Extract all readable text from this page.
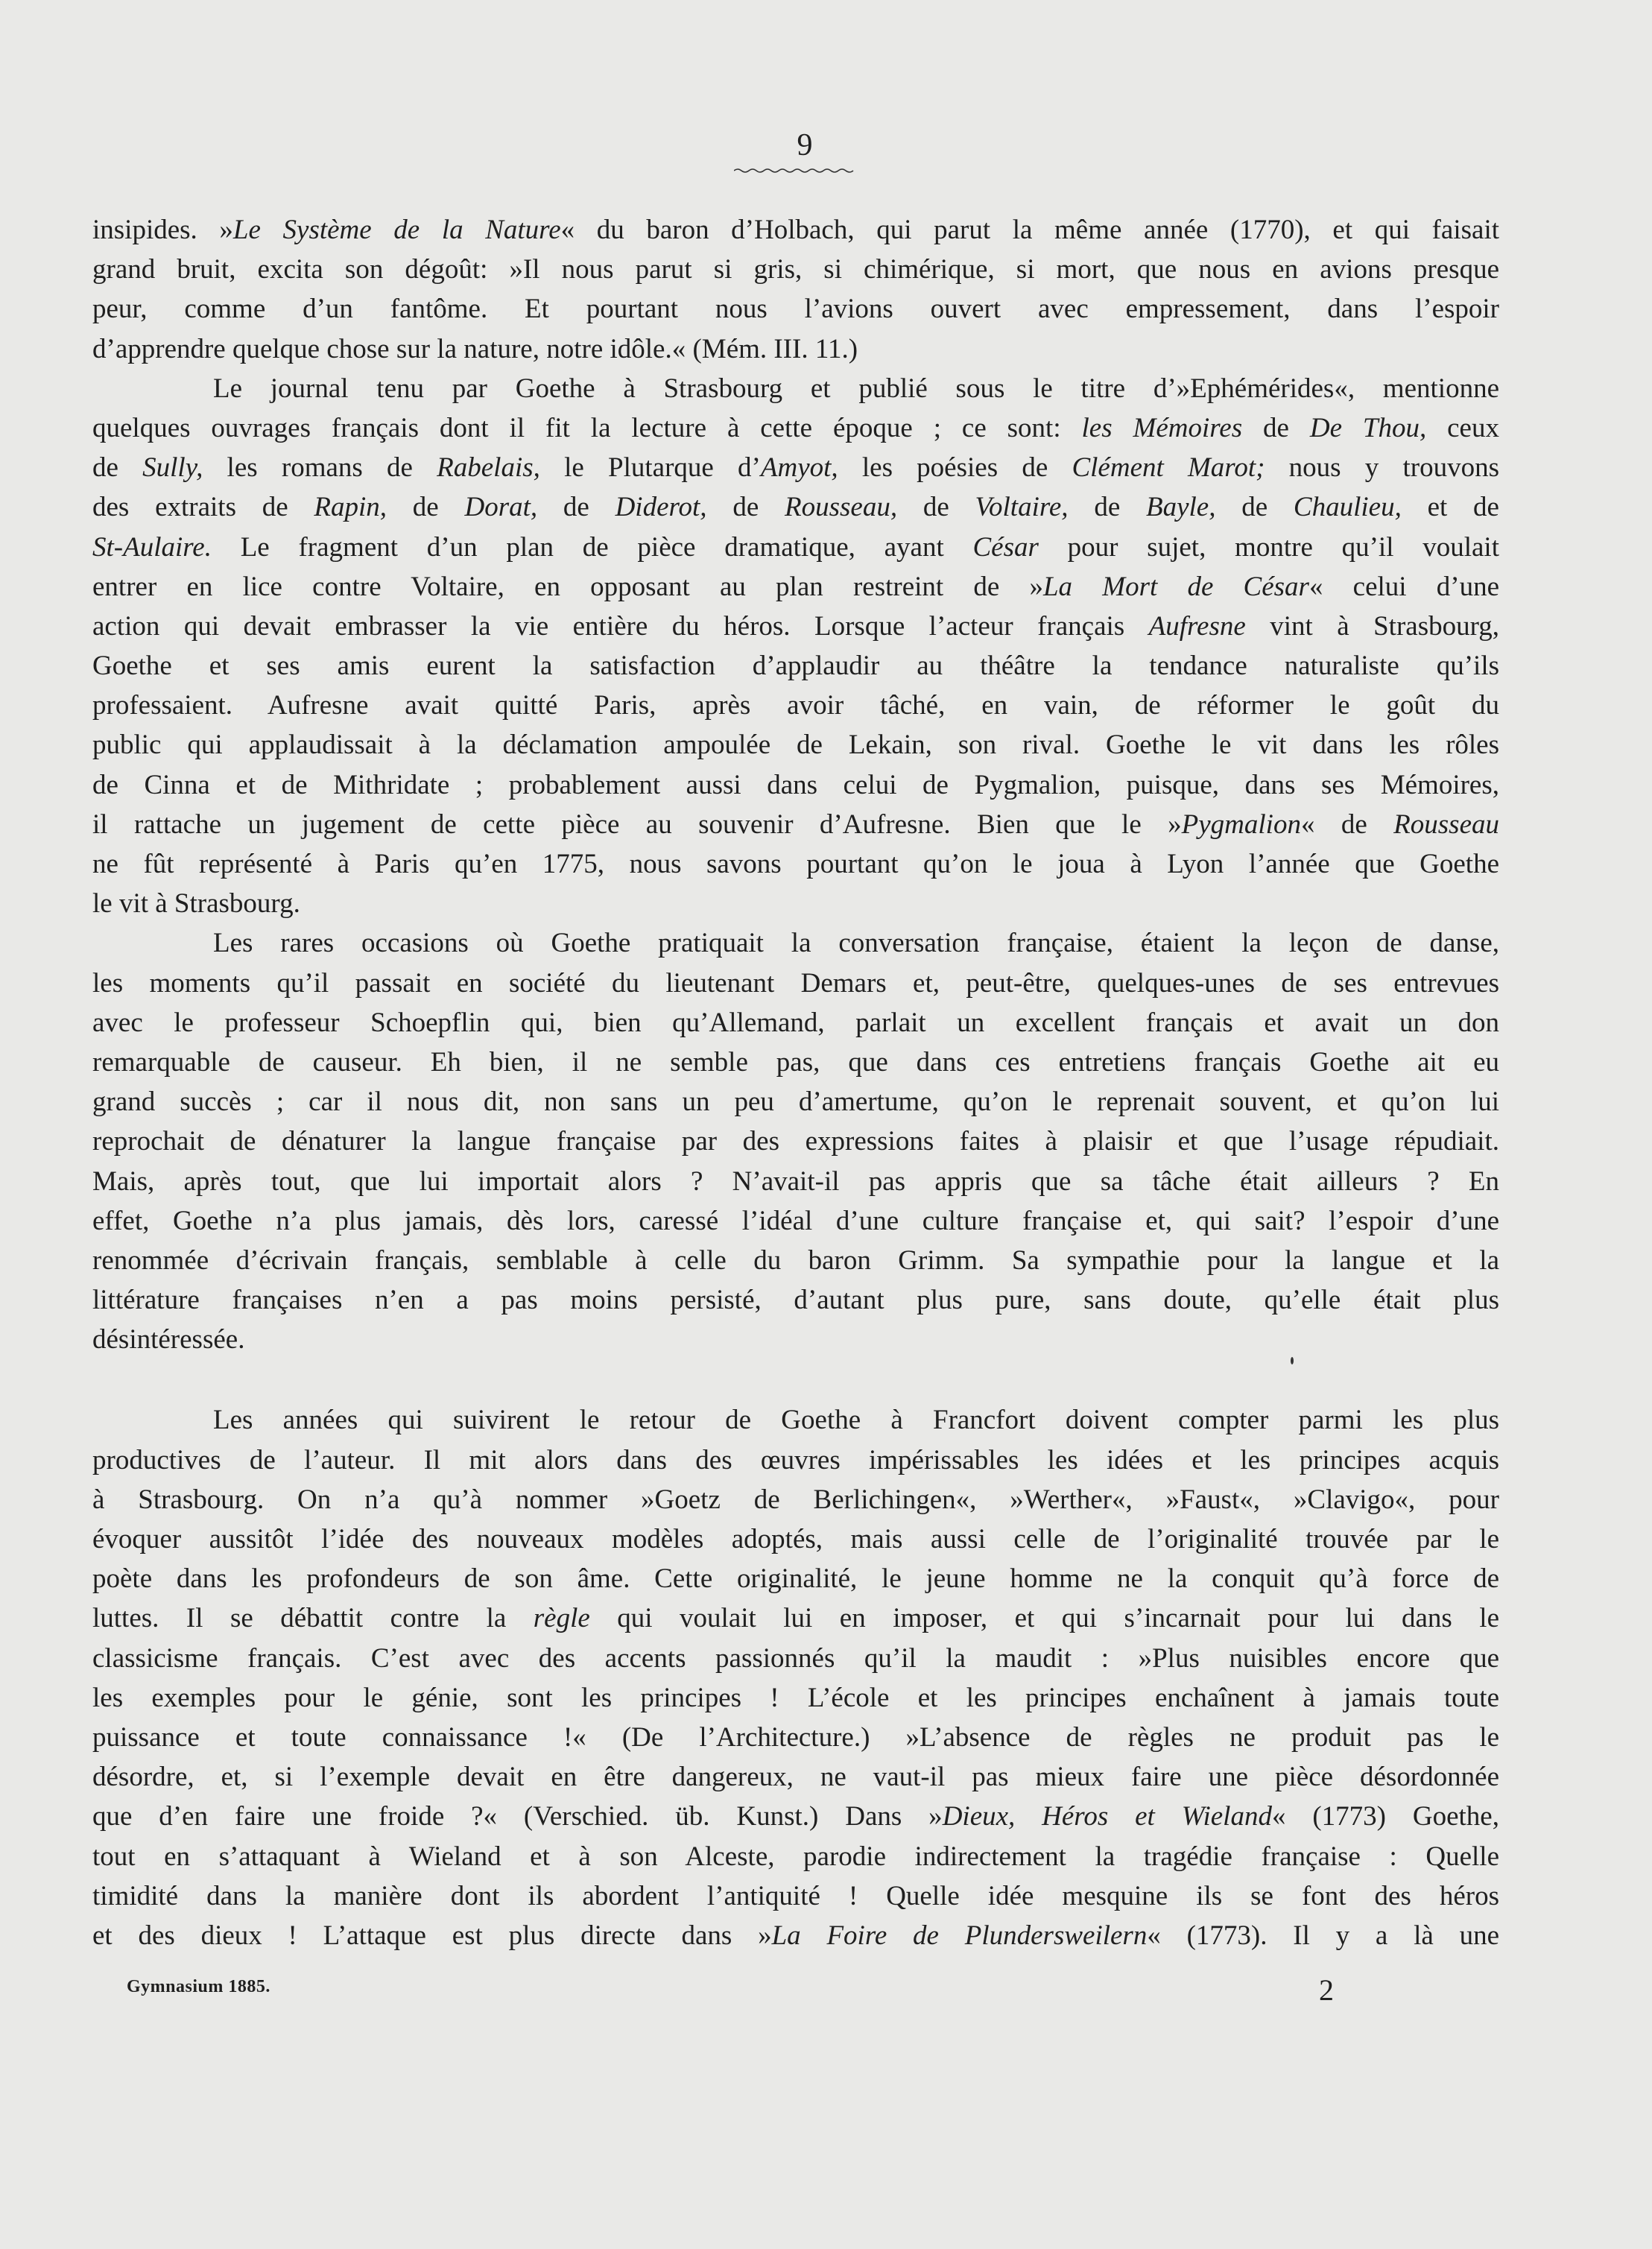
9
insipides. »Le Système de la Nature« du baron d’Holbach, qui parut la même année (1770), et qui faisait
grand bruit, excita son dégoût: »Il nous parut si gris, si chimérique, si mort, que nous en avions presque
peur, comme d’un fantôme. Et pourtant nous l’avions ouvert avec empressement, dans l’espoir
d’apprendre quelque chose sur la nature, notre idôle.« (Mém. III. 11.)
Le journal tenu par Goethe à Strasbourg et publié sous le titre d’»Ephémérides«, mentionne
quelques ouvrages français dont il fit la lecture à cette époque ; ce sont: les Mémoires de De Thou, ceux
de Sully, les romans de Rabelais, le Plutarque d’Amyot, les poésies de Clément Marot; nous y trouvons
des extraits de Rapin, de Dorat, de Diderot, de Rousseau, de Voltaire, de Bayle, de Chaulieu, et de
St-Aulaire. Le fragment d’un plan de pièce dramatique, ayant César pour sujet, montre qu’il voulait
entrer en lice contre Voltaire, en opposant au plan restreint de »La Mort de César« celui d’une
action qui devait embrasser la vie entière du héros. Lorsque l’acteur français Aufresne vint à Strasbourg,
Goethe et ses amis eurent la satisfaction d’applaudir au théâtre la tendance naturaliste qu’ils
professaient. Aufresne avait quitté Paris, après avoir tâché, en vain, de réformer le goût du
public qui applaudissait à la déclamation ampoulée de Lekain, son rival. Goethe le vit dans les rôles
de Cinna et de Mithridate ; probablement aussi dans celui de Pygmalion, puisque, dans ses Mémoires,
il rattache un jugement de cette pièce au souvenir d’Aufresne. Bien que le »Pygmalion« de Rousseau
ne fût représenté à Paris qu’en 1775, nous savons pourtant qu’on le joua à Lyon l’année que Goethe
le vit à Strasbourg.
Les rares occasions où Goethe pratiquait la conversation française, étaient la leçon de danse,
les moments qu’il passait en société du lieutenant Demars et, peut-être, quelques-unes de ses entrevues
avec le professeur Schoepflin qui, bien qu’Allemand, parlait un excellent français et avait un don
remarquable de causeur. Eh bien, il ne semble pas, que dans ces entretiens français Goethe ait eu
grand succès ; car il nous dit, non sans un peu d’amertume, qu’on le reprenait souvent, et qu’on lui
reprochait de dénaturer la langue française par des expressions faites à plaisir et que l’usage répudiait.
Mais, après tout, que lui importait alors ? N’avait-il pas appris que sa tâche était ailleurs ? En
effet, Goethe n’a plus jamais, dès lors, caressé l’idéal d’une culture française et, qui sait? l’espoir d’une
renommée d’écrivain français, semblable à celle du baron Grimm. Sa sympathie pour la langue et la
littérature françaises n’en a pas moins persisté, d’autant plus pure, sans doute, qu’elle était plus
désintéressée.
Les années qui suivirent le retour de Goethe à Francfort doivent compter parmi les plus
productives de l’auteur. Il mit alors dans des œuvres impérissables les idées et les principes acquis
à Strasbourg. On n’a qu’à nommer »Goetz de Berlichingen«, »Werther«, »Faust«, »Clavigo«, pour
évoquer aussitôt l’idée des nouveaux modèles adoptés, mais aussi celle de l’originalité trouvée par le
poète dans les profondeurs de son âme. Cette originalité, le jeune homme ne la conquit qu’à force de
luttes. Il se débattit contre la règle qui voulait lui en imposer, et qui s’incarnait pour lui dans le
classicisme français. C’est avec des accents passionnés qu’il la maudit : »Plus nuisibles encore que
les exemples pour le génie, sont les principes ! L’école et les principes enchaînent à jamais toute
puissance et toute connaissance !« (De l’Architecture.) »L’absence de règles ne produit pas le
désordre, et, si l’exemple devait en être dangereux, ne vaut-il pas mieux faire une pièce désordonnée
que d’en faire une froide ?« (Verschied. üb. Kunst.) Dans »Dieux, Héros et Wieland« (1773) Goethe,
tout en s’attaquant à Wieland et à son Alceste, parodie indirectement la tragédie française : Quelle
timidité dans la manière dont ils abordent l’antiquité ! Quelle idée mesquine ils se font des héros
et des dieux ! L’attaque est plus directe dans »La Foire de Plundersweilern« (1773). Il y a là une
Gymnasium 1885.	2
